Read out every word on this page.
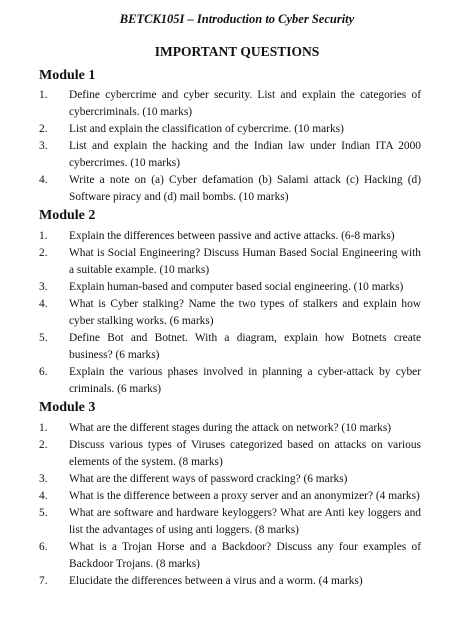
BETCK105I – Introduction to Cyber Security
IMPORTANT QUESTIONS
Module 1
1.	Define cybercrime and cyber security. List and explain the categories of cybercriminals. (10 marks)
2.	List and explain the classification of cybercrime. (10 marks)
3.	List and explain the hacking and the Indian law under Indian ITA 2000 cybercrimes. (10 marks)
4.	Write a note on (a) Cyber defamation (b) Salami attack (c) Hacking (d) Software piracy and (d) mail bombs. (10 marks)
Module 2
1.	Explain the differences between passive and active attacks. (6-8 marks)
2.	What is Social Engineering? Discuss Human Based Social Engineering with a suitable example. (10 marks)
3.	Explain human-based and computer based social engineering. (10 marks)
4.	What is Cyber stalking? Name the two types of stalkers and explain how cyber stalking works. (6 marks)
5.	Define Bot and Botnet. With a diagram, explain how Botnets create business? (6 marks)
6.	Explain the various phases involved in planning a cyber-attack by cyber criminals. (6 marks)
Module 3
1.	What are the different stages during the attack on network? (10 marks)
2.	Discuss various types of Viruses categorized based on attacks on various elements of the system. (8 marks)
3.	What are the different ways of password cracking? (6 marks)
4.	What is the difference between a proxy server and an anonymizer? (4 marks)
5.	What are software and hardware keyloggers? What are Anti key loggers and list the advantages of using anti loggers. (8 marks)
6.	What is a Trojan Horse and a Backdoor? Discuss any four examples of Backdoor Trojans. (8 marks)
7.	Elucidate the differences between a virus and a worm. (4 marks)
